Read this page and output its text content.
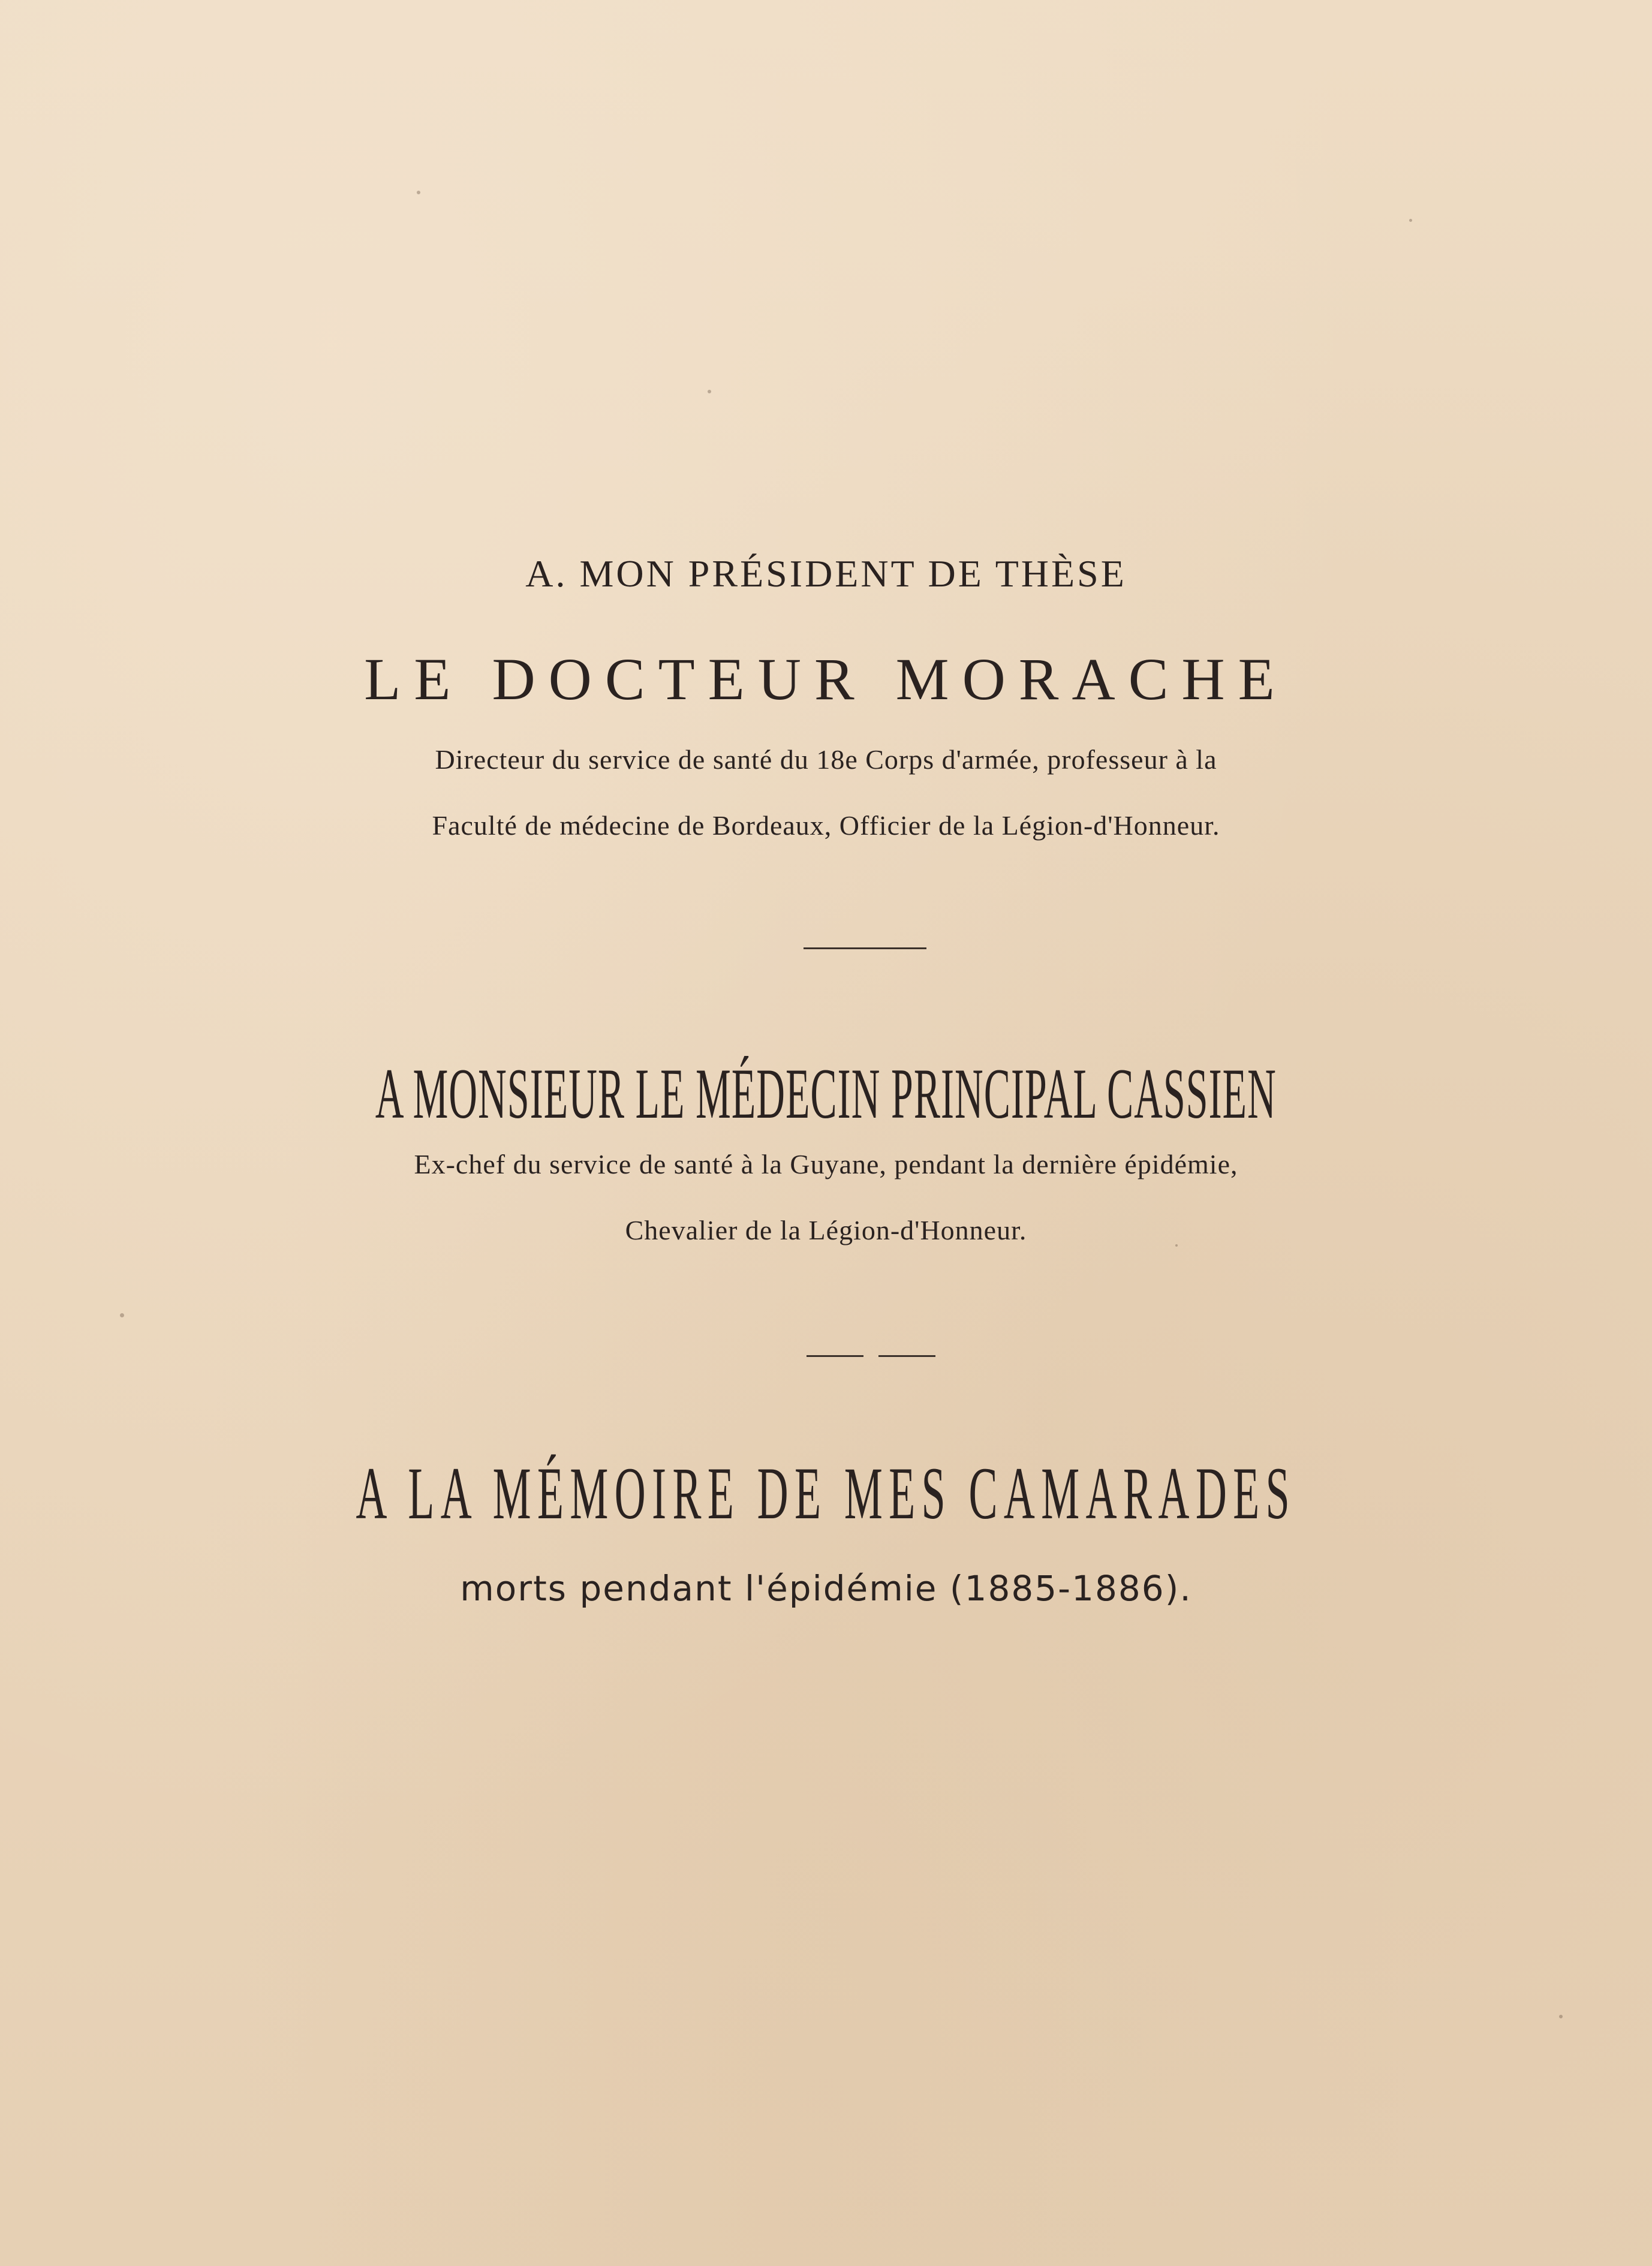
A. MON PRÉSIDENT DE THÈSE
LE DOCTEUR MORACHE
Directeur du service de santé du 18e Corps d'armée, professeur à la
Faculté de médecine de Bordeaux, Officier de la Légion-d'Honneur.
A MONSIEUR LE MÉDECIN PRINCIPAL CASSIEN
Ex-chef du service de santé à la Guyane, pendant la dernière épidémie,
Chevalier de la Légion-d'Honneur.
A LA MÉMOIRE DE MES CAMARADES
morts pendant l'épidémie (1885-1886).
